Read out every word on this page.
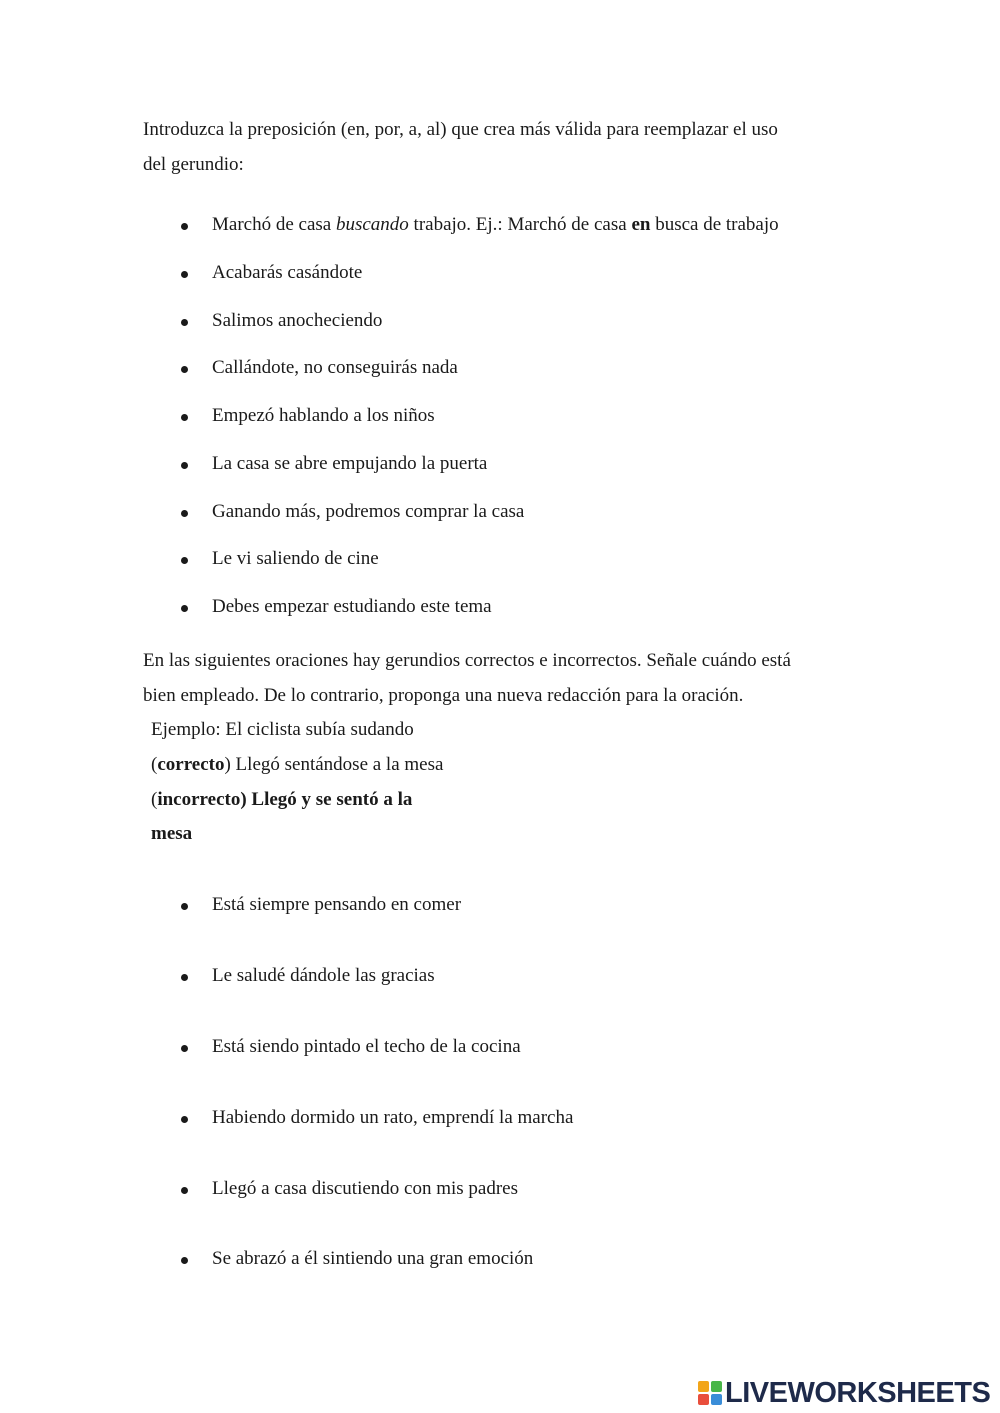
Introduzca la preposición (en, por, a, al) que crea más válida para reemplazar el uso
del gerundio:
Marchó de casa buscando trabajo. Ej.: Marchó de casa en busca de trabajo
Acabarás casándote
Salimos anocheciendo
Callándote, no conseguirás nada
Empezó hablando a los niños
La casa se abre empujando la puerta
Ganando más, podremos comprar la casa
Le vi saliendo de cine
Debes empezar estudiando este tema
En las siguientes oraciones hay gerundios correctos e incorrectos. Señale cuándo está
bien empleado. De lo contrario, proponga una nueva redacción para la oración.
Ejemplo: El ciclista subía sudando
(correcto) Llegó sentándose a la mesa
(incorrecto) Llegó y se sentó a la
mesa
Está siempre pensando en comer
Le saludé dándole las gracias
Está siendo pintado el techo de la cocina
Habiendo dormido un rato, emprendí la marcha
Llegó a casa discutiendo con mis padres
Se abrazó a él sintiendo una gran emoción
LIVEWORKSHEETS
